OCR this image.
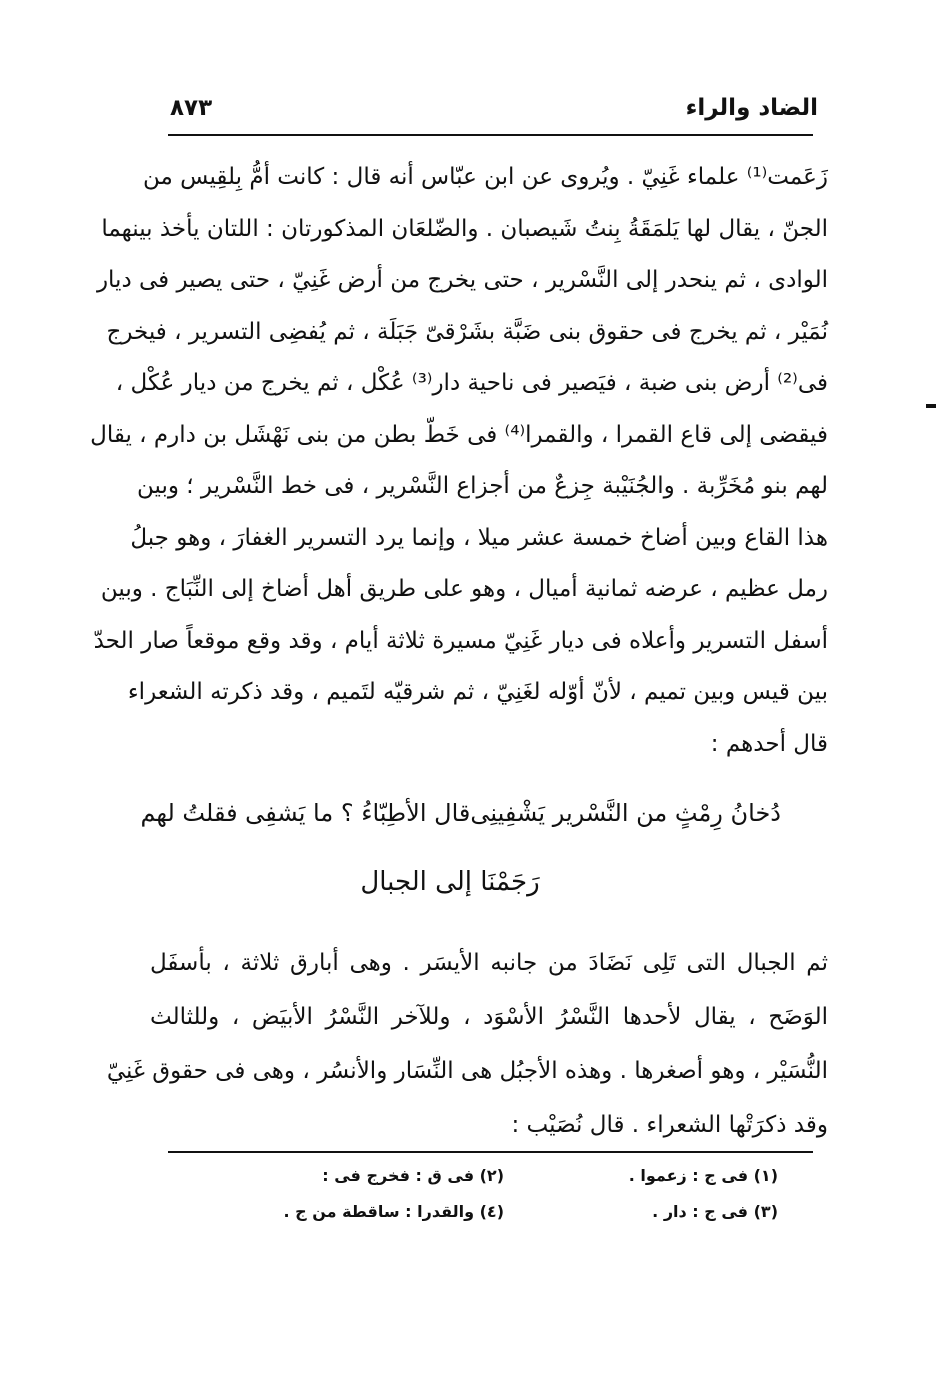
الضاد والراء
٨٧٣
زَعَمت⁽¹⁾ علماء غَنِيّ . ويُروى عن ابن عبّاس أنه قال : كانت أمُّ بِلقِيس من
الجنّ ، يقال لها يَلمَقَةُ بِنتُ شَيصبان . والضّلعَان المذكورتان : اللتان يأخذ بينهما
الوادى ، ثم ينحدر إلى النَّسْرير ، حتى يخرج من أرض غَنِيّ ، حتى يصير فى ديار
نُمَيْر ، ثم يخرج فى حقوق بنى ضَبَّة بشَرْقىّ جَبَلَة ، ثم يُفضِى التسرير ، فيخرج
فى⁽²⁾ أرض بنى ضبة ، فيَصير فى ناحية دار⁽³⁾ عُكْل ، ثم يخرج من ديار عُكْل ،
فيقضى إلى قاع القمرا ، والقمرا⁽⁴⁾ فى خَطّ بطن من بنى نَهْشَل بن دارم ، يقال
لهم بنو مُخَرِّبة . والجُنَيْبة جِزعٌ من أجزاع النَّسْرير ، فى خط النَّسْرير ؛ وبين
هذا القاع وبين أضاخ خمسة عشر ميلا ، وإنما يرد التسرير الغفارَ ، وهو جبلُ
رمل عظيم ، عرضه ثمانية أميال ، وهو على طريق أهل أضاخ إلى النِّبَاج . وبين
أسفل التسرير وأعلاه فى ديار غَنِيّ مسيرة ثلاثة أيام ، وقد وقع موقعاً صار الحدّ
بين قيس وبين تميم ، لأنّ أوّله لغَنِيّ ، ثم شرقيّه لتَميم ، وقد ذكرته الشعراء
قال أحدهم :
دُخانُ رِمْثٍ من النَّسْرير يَشْفِينِى
قال الأطِبّاءُ ؟ ما يَشفِى فقلتُ لهم
رَجَمْنَا إلى الجبال
ثم الجبال التى تَلِى نَضَادَ من جانبه الأيسَر . وهى أبارق ثلاثة ، بأسفَل
الوَضَح ، يقال لأحدها النَّسْرُ الأسْوَد ، وللآخر النَّسْرُ الأبيَض ، وللثالث
النُّسَيْر ، وهو أصغرها . وهذه الأجبُل هى النِّسَار والأنسُر ، وهى فى حقوق غَنِيّ
وقد ذكرَتْها الشعراء . قال نُصَيْب :
(١) فى ج : زعموا .
(٢) فى ق : فخرج فى :
(٣) فى ج : دار .
(٤) والقدرا : ساقطة من ج .
